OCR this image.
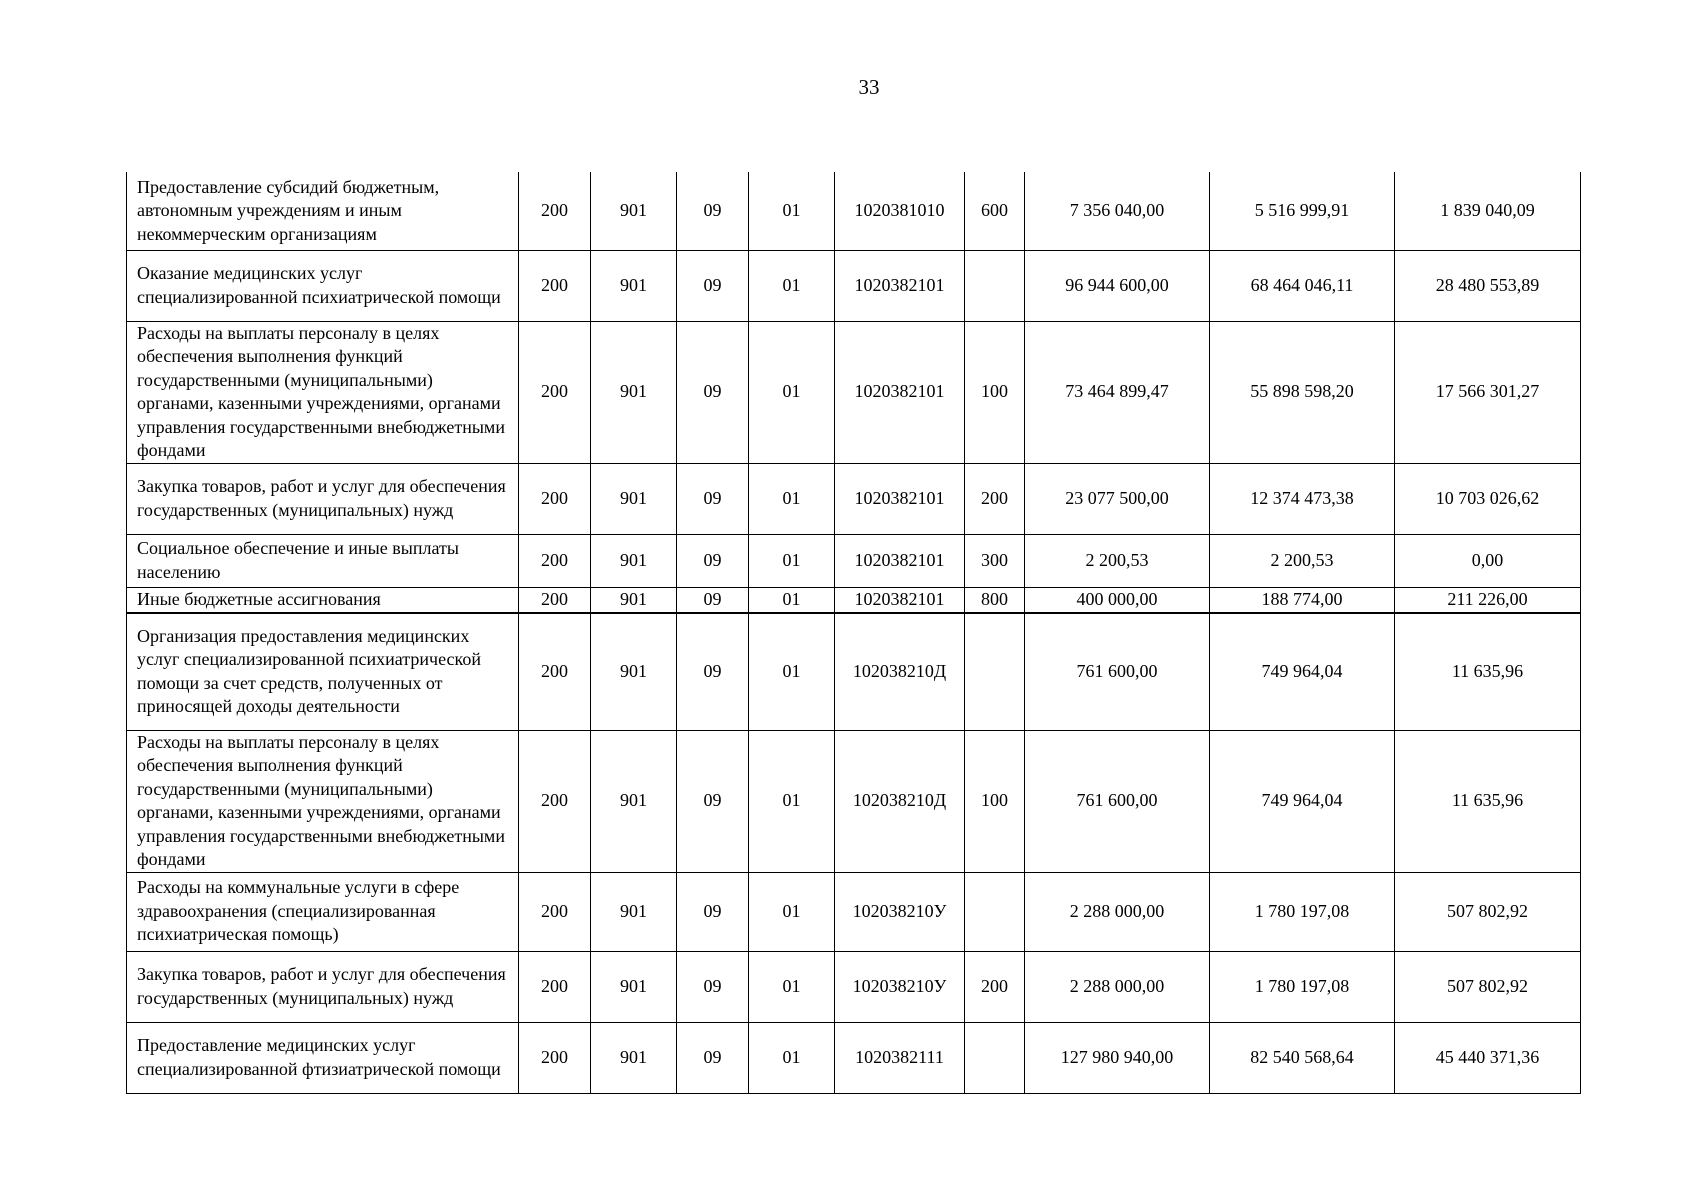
33
Предоставление субсидий бюджетным, автономным учреждениям и иным некоммерческим организациям	200	901	09	01	1020381010	600	7 356 040,00	5 516 999,91	1 839 040,09
Оказание медицинских услуг специализированной психиатрической помощи	200	901	09	01	1020382101		96 944 600,00	68 464 046,11	28 480 553,89
Расходы на выплаты персоналу в целях обеспечения выполнения функций государственными (муниципальными) органами, казенными учреждениями, органами управления государственными внебюджетными фондами	200	901	09	01	1020382101	100	73 464 899,47	55 898 598,20	17 566 301,27
Закупка товаров, работ и услуг для обеспечения государственных (муниципальных) нужд	200	901	09	01	1020382101	200	23 077 500,00	12 374 473,38	10 703 026,62
Социальное обеспечение и иные выплаты населению	200	901	09	01	1020382101	300	2 200,53	2 200,53	0,00
Иные бюджетные ассигнования	200	901	09	01	1020382101	800	400 000,00	188 774,00	211 226,00
Организация предоставления медицинских услуг специализированной психиатрической помощи за счет средств, полученных от приносящей доходы деятельности	200	901	09	01	102038210Д		761 600,00	749 964,04	11 635,96
Расходы на выплаты персоналу в целях обеспечения выполнения функций государственными (муниципальными) органами, казенными учреждениями, органами управления государственными внебюджетными фондами	200	901	09	01	102038210Д	100	761 600,00	749 964,04	11 635,96
Расходы на коммунальные услуги в сфере здравоохранения (специализированная психиатрическая помощь)	200	901	09	01	102038210У		2 288 000,00	1 780 197,08	507 802,92
Закупка товаров, работ и услуг для обеспечения государственных (муниципальных) нужд	200	901	09	01	102038210У	200	2 288 000,00	1 780 197,08	507 802,92
Предоставление медицинских услуг специализированной фтизиатрической помощи	200	901	09	01	1020382111		127 980 940,00	82 540 568,64	45 440 371,36
